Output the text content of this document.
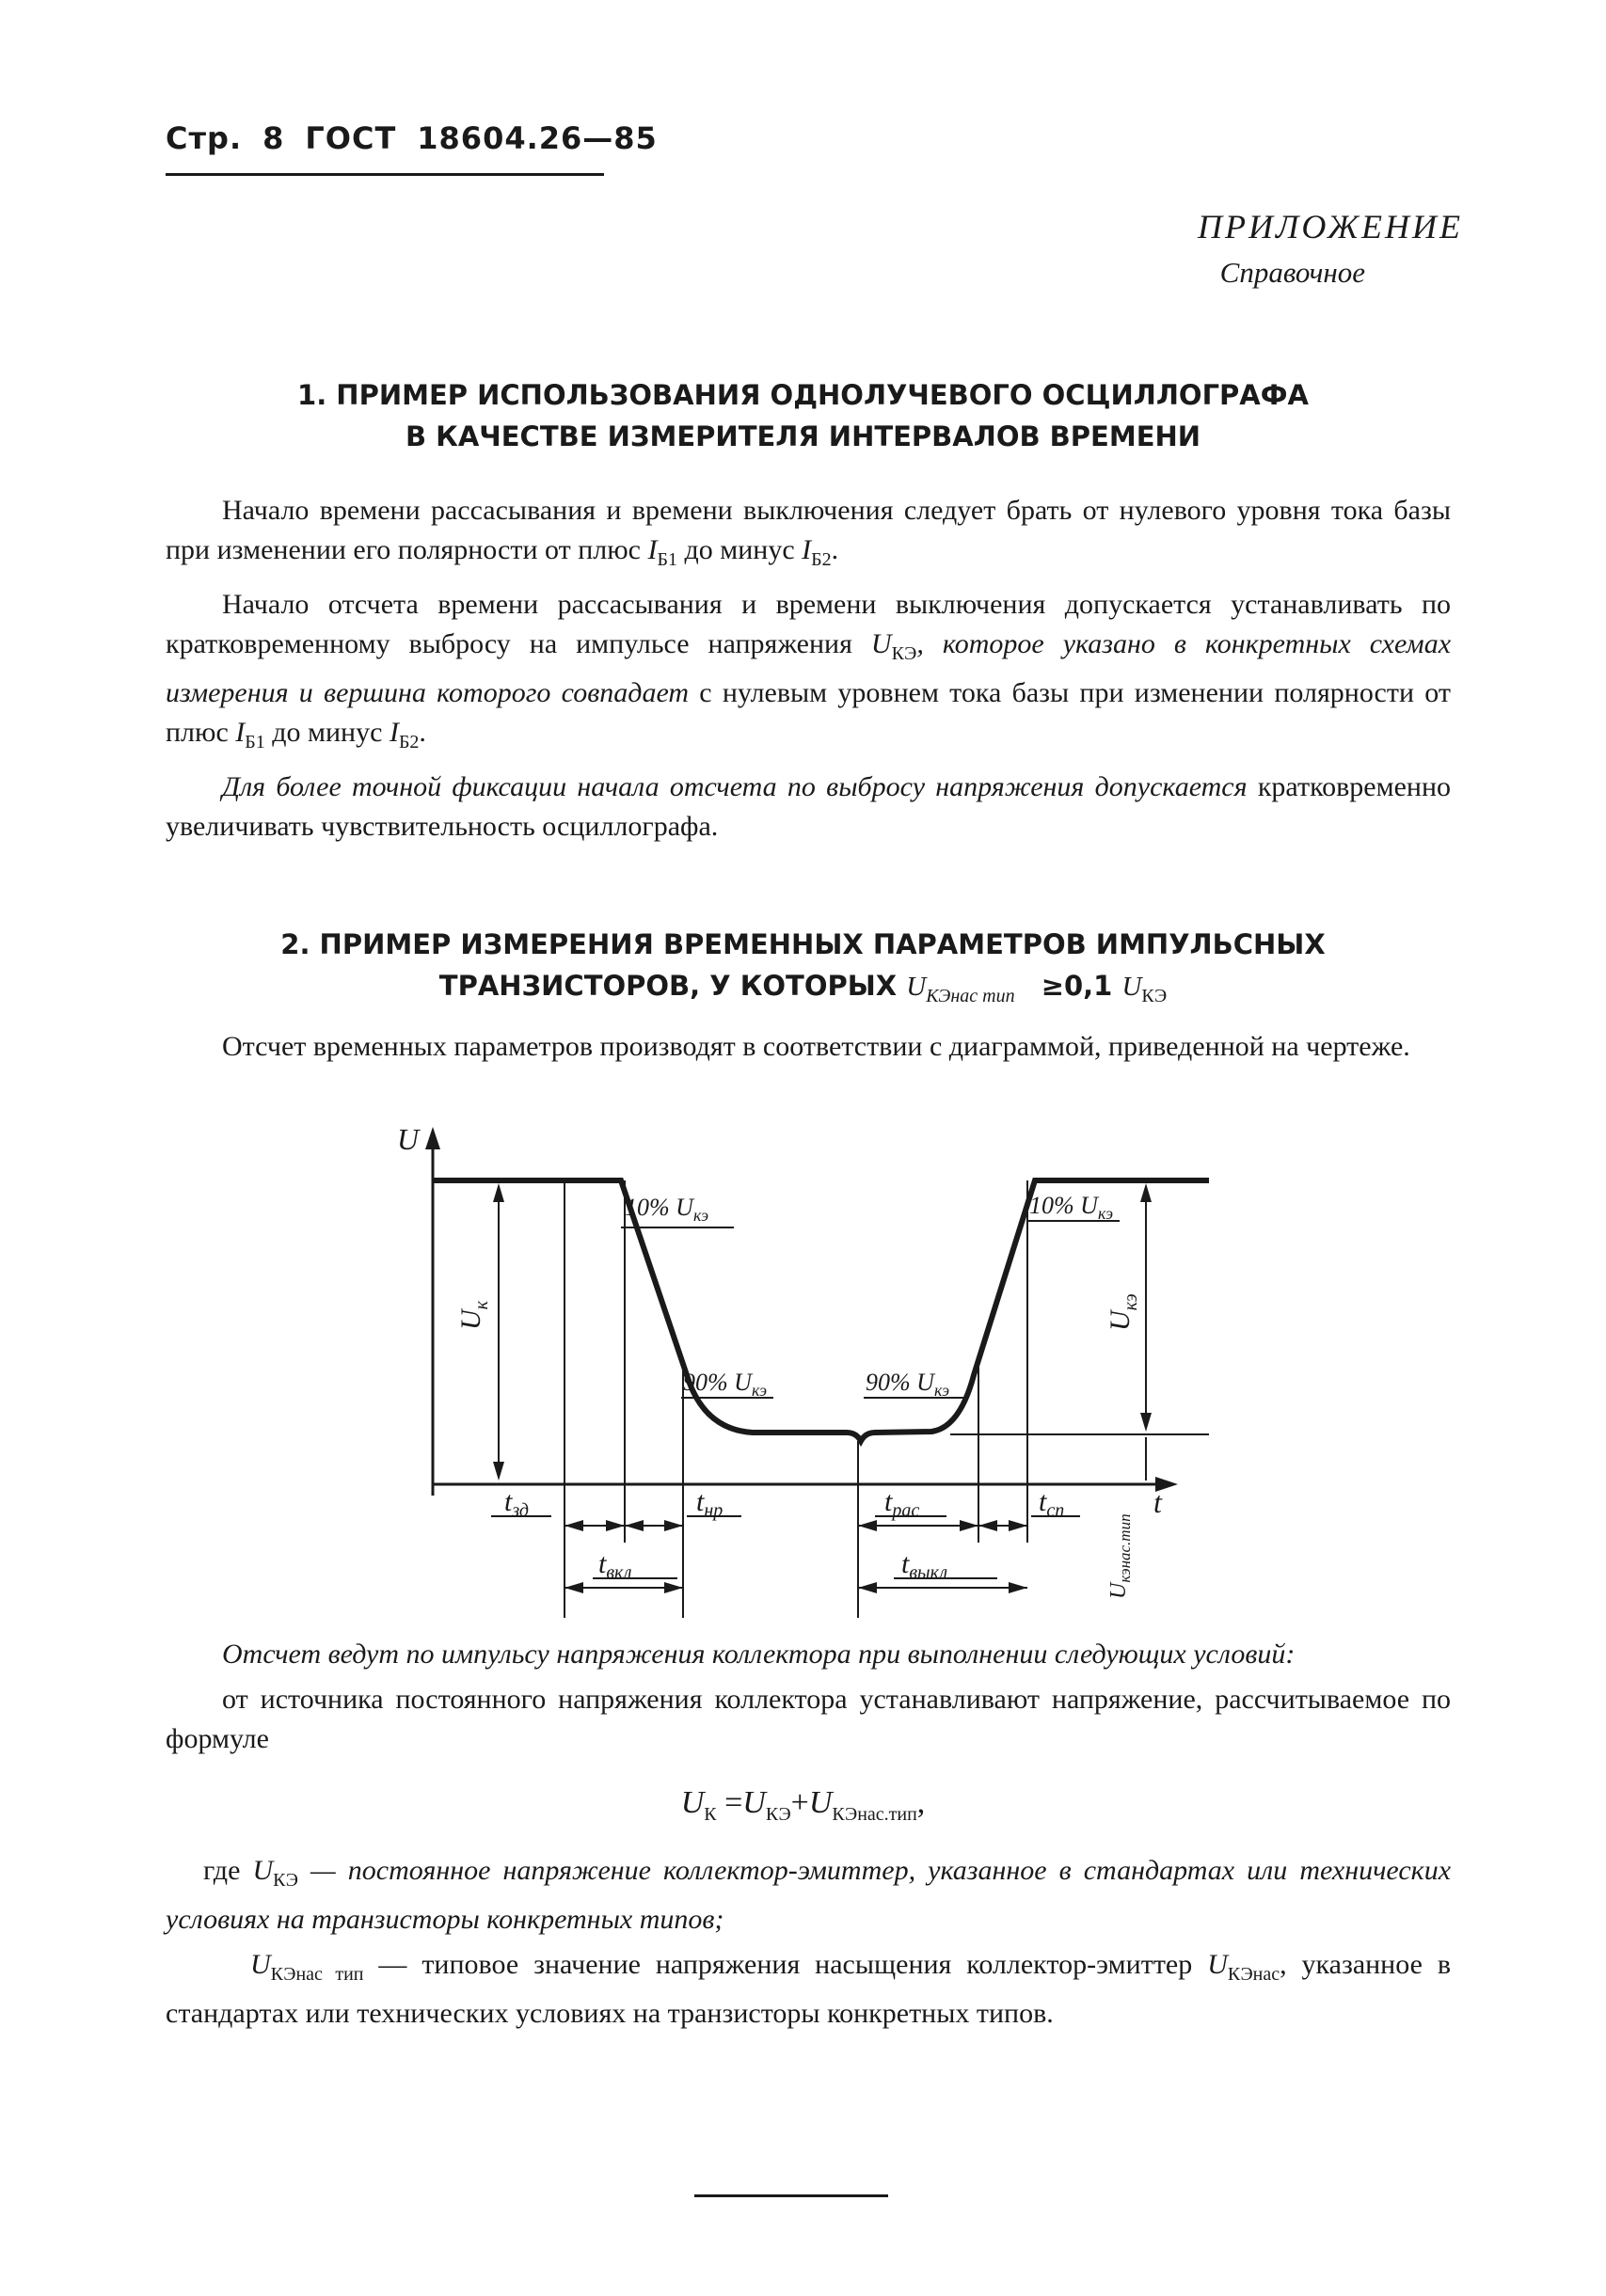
Стр. 8 ГОСТ 18604.26—85
ПРИЛОЖЕНИЕ
Справочное
1. ПРИМЕР ИСПОЛЬЗОВАНИЯ ОДНОЛУЧЕВОГО ОСЦИЛЛОГРАФА
В КАЧЕСТВЕ ИЗМЕРИТЕЛЯ ИНТЕРВАЛОВ ВРЕМЕНИ

Начало времени рассасывания и времени выключения следует брать от нулевого уровня тока базы при изменении его полярности от плюс $I_{Б1}$ до минус $I_{Б2}$.

Начало отсчета времени рассасывания и времени выключения допускается устанавливать по кратковременному выбросу на импульсе напряжения $U_{КЭ}$, которое указано в конкретных схемах измерения и вершина которого совпадает с нулевым уровнем тока базы при изменении полярности от плюс $I_{Б1}$ до минус $I_{Б2}$.

Для более точной фиксации начала отсчета по выбросу напряжения допускается кратковременно увеличивать чувствительность осциллографа.

2. ПРИМЕР ИЗМЕРЕНИЯ ВРЕМЕННЫХ ПАРАМЕТРОВ ИМПУЛЬСНЫХ
ТРАНЗИСТОРОВ, У КОТОРЫХ $U_{КЭнас тип} \ge 0,1$ $U_{КЭ}$

Отсчет временных параметров производят в соответствии с диаграммой, приведенной на чертеже.

U
t
$U_к$
$U_{кэ}$
10% $U_{кэ}$	10% $U_{кэ}$
90% $U_{кэ}$	90% $U_{кэ}$
$t_{зд}$	$t_{нр}$	$t_{рас}$	$t_{сп}$
$t_{вкл}$	$t_{выкл}$
$U_{кэнас.тип}$

Отсчет ведут по импульсу напряжения коллектора при выполнении следующих условий:

от источника постоянного напряжения коллектора устанавливают напряжение, рассчитываемое по формуле

$U_К =U_{КЭ}+U_{КЭнас.тип}$,

где $U_{КЭ}$ — постоянное напряжение коллектор-эмиттер, указанное в стандартах или технических условиях на транзисторы конкретных типов;

$U_{КЭнас тип}$ — типовое значение напряжения насыщения коллектор-эмиттер $U_{КЭнас}$, указанное в стандартах или технических условиях на транзисторы конкретных типов.
